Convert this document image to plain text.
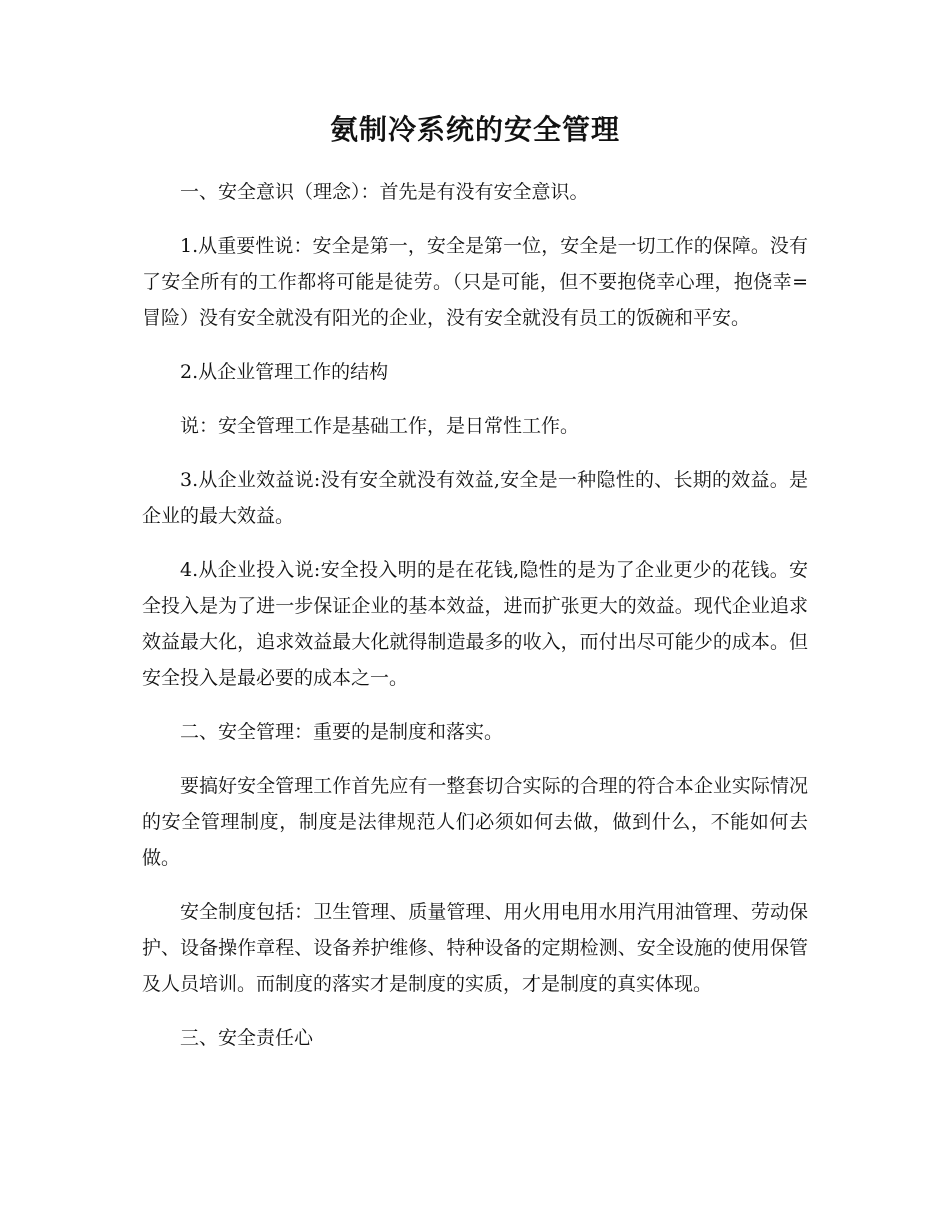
氨制冷系统的安全管理

一、安全意识（理念）：首先是有没有安全意识。

1.从重要性说：安全是第一，安全是第一位，安全是一切工作的保障。没有了安全所有的工作都将可能是徒劳。（只是可能，但不要抱侥幸心理，抱侥幸=冒险）没有安全就没有阳光的企业，没有安全就没有员工的饭碗和平安。

2.从企业管理工作的结构

说：安全管理工作是基础工作，是日常性工作。

3.从企业效益说:没有安全就没有效益,安全是一种隐性的、长期的效益。是企业的最大效益。

4.从企业投入说:安全投入明的是在花钱,隐性的是为了企业更少的花钱。安全投入是为了进一步保证企业的基本效益，进而扩张更大的效益。现代企业追求效益最大化，追求效益最大化就得制造最多的收入，而付出尽可能少的成本。但安全投入是最必要的成本之一。

二、安全管理：重要的是制度和落实。

要搞好安全管理工作首先应有一整套切合实际的合理的符合本企业实际情况的安全管理制度，制度是法律规范人们必须如何去做，做到什么，不能如何去做。

安全制度包括：卫生管理、质量管理、用火用电用水用汽用油管理、劳动保护、设备操作章程、设备养护维修、特种设备的定期检测、安全设施的使用保管及人员培训。而制度的落实才是制度的实质，才是制度的真实体现。

三、安全责任心
